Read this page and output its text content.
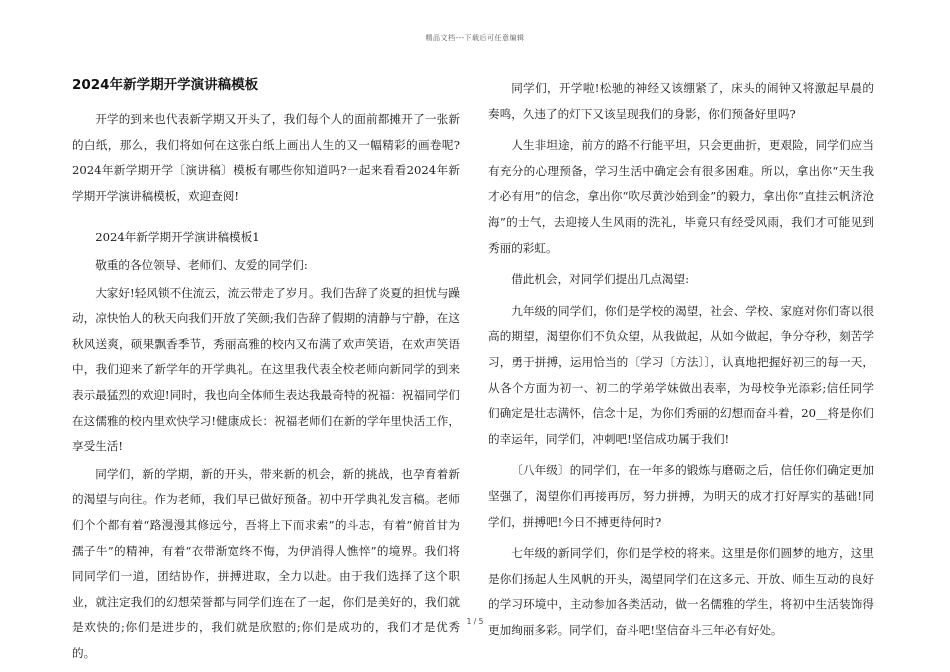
精品文档---下载后可任意编辑
2024年新学期开学演讲稿模板

开学的到来也代表新学期又开头了，我们每个人的面前都摊开了一张新的白纸，那么，我们将如何在这张白纸上画出人生的又一幅精彩的画卷呢?2024年新学期开学〔演讲稿〕模板有哪些你知道吗?一起来看看2024年新学期开学演讲稿模板，欢迎查阅!

2024年新学期开学演讲稿模板1

敬重的各位领导、老师们、友爱的同学们:

大家好!轻风锁不住流云，流云带走了岁月。我们告辞了炎夏的担忧与躁动，凉快怡人的秋天向我们开放了笑颜;我们告辞了假期的清静与宁静，在这秋风送爽，硕果飘香季节，秀丽高雅的校内又布满了欢声笑语，在欢声笑语中，我们迎来了新学年的开学典礼。在这里我代表全校老师向新同学的到来表示最猛烈的欢迎!同时，我也向全体师生表达我最奇特的祝福：祝福同学们在这儒雅的校内里欢快学习!健康成长：祝福老师们在新的学年里快活工作，享受生活!

同学们，新的学期，新的开头，带来新的机会，新的挑战，也孕育着新的渴望与向往。作为老师，我们早已做好预备。初中开学典礼发言稿。老师们个个都有着“路漫漫其修远兮，吾将上下而求索”的斗志，有着“俯首甘为孺子牛”的精神，有着“衣带渐宽终不悔，为伊消得人憔悴”的境界。我们将同同学们一道，团结协作，拼搏进取，全力以赴。由于我们选择了这个职业，就注定我们的幻想荣誉都与同学们连在了一起，你们是美好的，我们就是欢快的;你们是进步的，我们就是欣慰的;你们是成功的，我们才是优秀的。

同学们，开学啦!松驰的神经又该绷紧了，床头的闹钟又将激起早晨的奏鸣，久违了的灯下又该呈现我们的身影，你们预备好里吗?

人生非坦途，前方的路不行能平坦，只会更曲折，更艰险，同学们应当有充分的心理预备，学习生活中确定会有很多困难。所以，拿出你“天生我才必有用”的信念，拿出你“吹尽黄沙始到金”的毅力，拿出你“直挂云帆济沧海”的士气，去迎接人生风雨的洗礼，毕竟只有经受风雨，我们才可能见到秀丽的彩虹。

借此机会，对同学们提出几点渴望:

九年级的同学们，你们是学校的渴望，社会、学校、家庭对你们寄以很高的期望，渴望你们不负众望，从我做起，从如今做起，争分夺秒，刻苦学习，勇于拼搏，运用恰当的〔学习〔方法〕〕，认真地把握好初三的每一天，从各个方面为初一、初二的学弟学妹做出表率，为母校争光添彩;信任同学们确定是壮志满怀，信念十足，为你们秀丽的幻想而奋斗着，20__将是你们的幸运年，同学们，冲刺吧!坚信成功属于我们!

〔八年级〕的同学们，在一年多的锻炼与磨砺之后，信任你们确定更加坚强了，渴望你们再接再厉，努力拼搏，为明天的成才打好厚实的基础!同学们，拼搏吧!今日不搏更待何时?

七年级的新同学们，你们是学校的将来。这里是你们圆梦的地方，这里是你们扬起人生风帆的开头，渴望同学们在这多元、开放、师生互动的良好的学习环境中，主动参加各类活动，做一名儒雅的学生，将初中生活装饰得更加绚丽多彩。同学们，奋斗吧!坚信奋斗三年必有好处。

1 / 5
